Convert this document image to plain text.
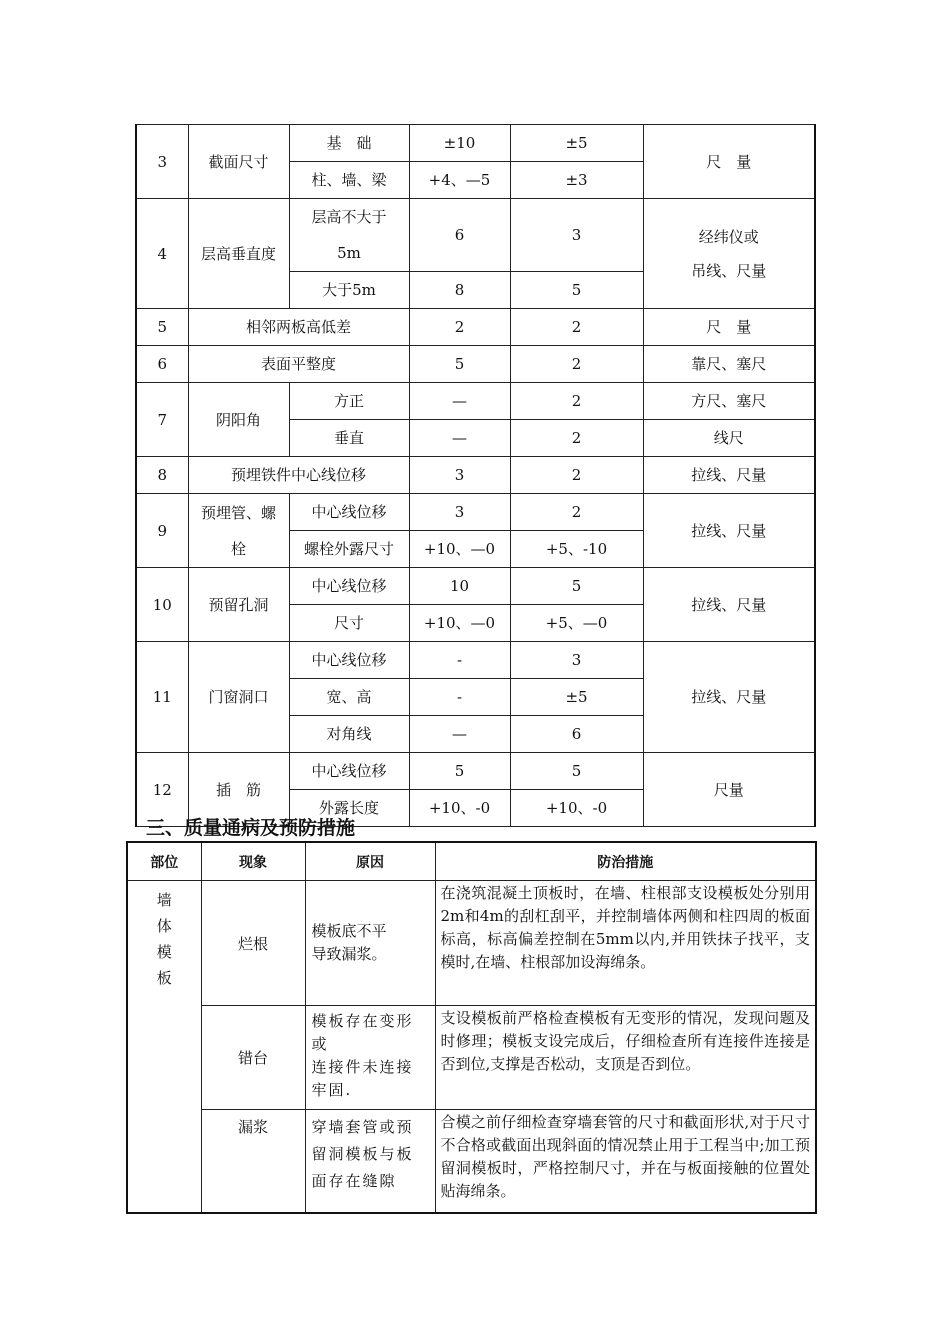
3	截面尺寸	基　础	±10	±5	尺　量
		柱、墙、梁	+4、—5	±3	
4	层高垂直度	层高不大于5m	6	3	经纬仪或
吊线、尺量

		大于5m	8	5	
5	相邻两板高低差		2	2	尺　量
6	表面平整度		5	2	靠尺、塞尺
7	阴阳角	方正	—	2	方尺、塞尺
		垂直	—	2	线尺
8	预埋铁件中心线位移		3	2	拉线、尺量
9	预埋管、螺栓	中心线位移	3	2	拉线、尺量
		螺栓外露尺寸	+10、—0	+5、-10	
10	预留孔洞	中心线位移	10	5	拉线、尺量
		尺寸	+10、—0	+5、—0	
11	门窗洞口	中心线位移	-	3	拉线、尺量
		宽、高	-	±5	
		对角线	—	6	
12	插　筋	中心线位移	5	5	尺量
		外露长度	+10、-0	+10、-0	
三、质量通病及预防措施
部位	现象	原因	防治措施

墙
体
模
板	烂根	模板底不平
导致漏浆。	在浇筑混凝土顶板时，在墙、柱根部支设模板处分别用2m和4m的刮杠刮平，并控制墙体两侧和柱四周的板面标高，标高偏差控制在5mm以内,并用铁抹子找平，支模时,在墙、柱根部加设海绵条。
	错台	模板存在变形
或
连接件未连接
牢固.	支设模板前严格检查模板有无变形的情况，发现问题及时修理；模板支设完成后，仔细检查所有连接件连接是否到位,支撑是否松动，支顶是否到位。
	漏浆	穿墙套管或预
留洞模板与板
面存在缝隙	合模之前仔细检查穿墙套管的尺寸和截面形状,对于尺寸不合格或截面出现斜面的情况禁止用于工程当中;加工预留洞模板时，严格控制尺寸，并在与板面接触的位置处贴海绵条。
